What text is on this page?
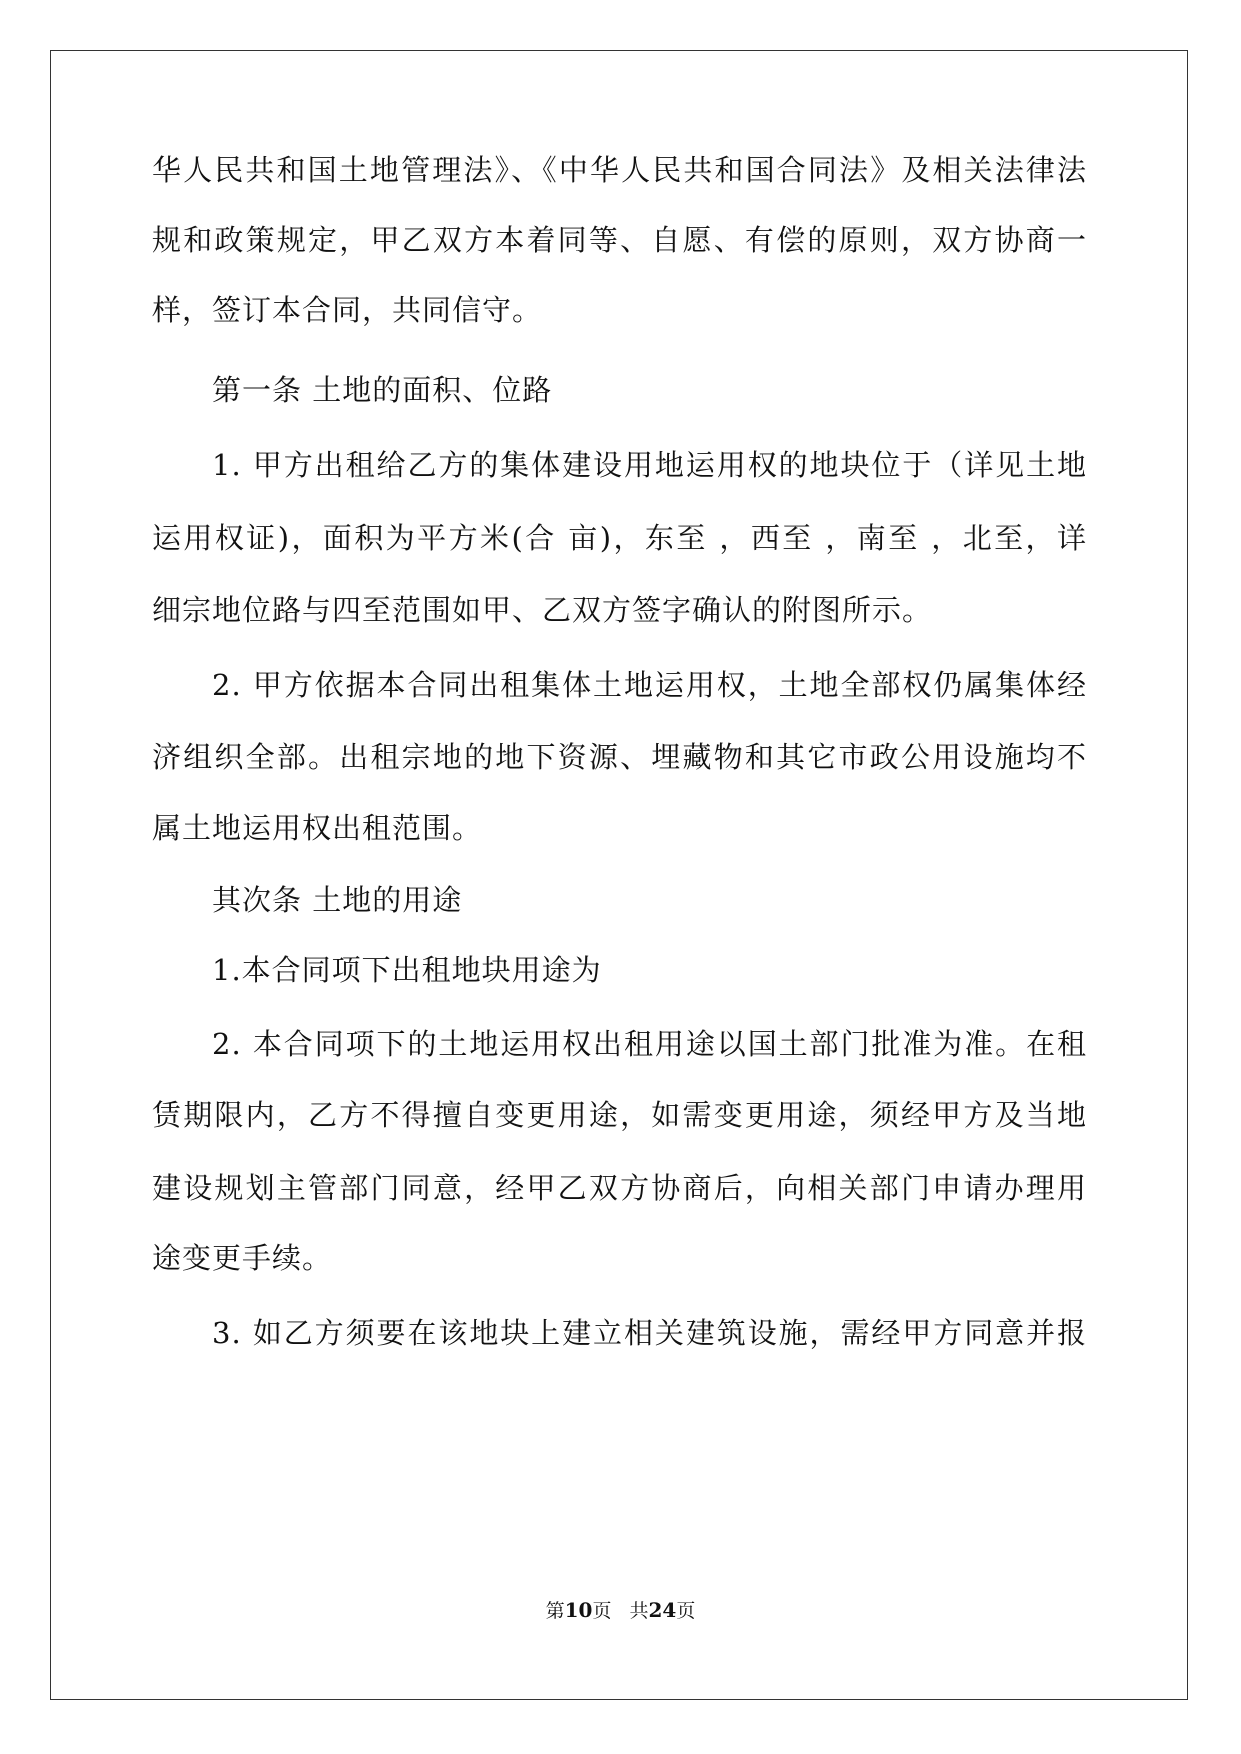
华人民共和国土地管理法》、《中华人民共和国合同法》及相关法律法
规和政策规定，甲乙双方本着同等、自愿、有偿的原则，双方协商一
样，签订本合同，共同信守。
第一条 土地的面积、位路
1. 甲方出租给乙方的集体建设用地运用权的地块位于（详见土地
运用权证)，面积为平方米(合 亩)，东至 ，西至 ，南至 ，北至，详
细宗地位路与四至范围如甲、乙双方签字确认的附图所示。
2. 甲方依据本合同出租集体土地运用权，土地全部权仍属集体经
济组织全部。出租宗地的地下资源、埋藏物和其它市政公用设施均不
属土地运用权出租范围。
其次条 土地的用途
1.本合同项下出租地块用途为
2. 本合同项下的土地运用权出租用途以国土部门批准为准。在租
赁期限内，乙方不得擅自变更用途，如需变更用途，须经甲方及当地
建设规划主管部门同意，经甲乙双方协商后，向相关部门申请办理用
途变更手续。
3. 如乙方须要在该地块上建立相关建筑设施，需经甲方同意并报
第10页 共24页
